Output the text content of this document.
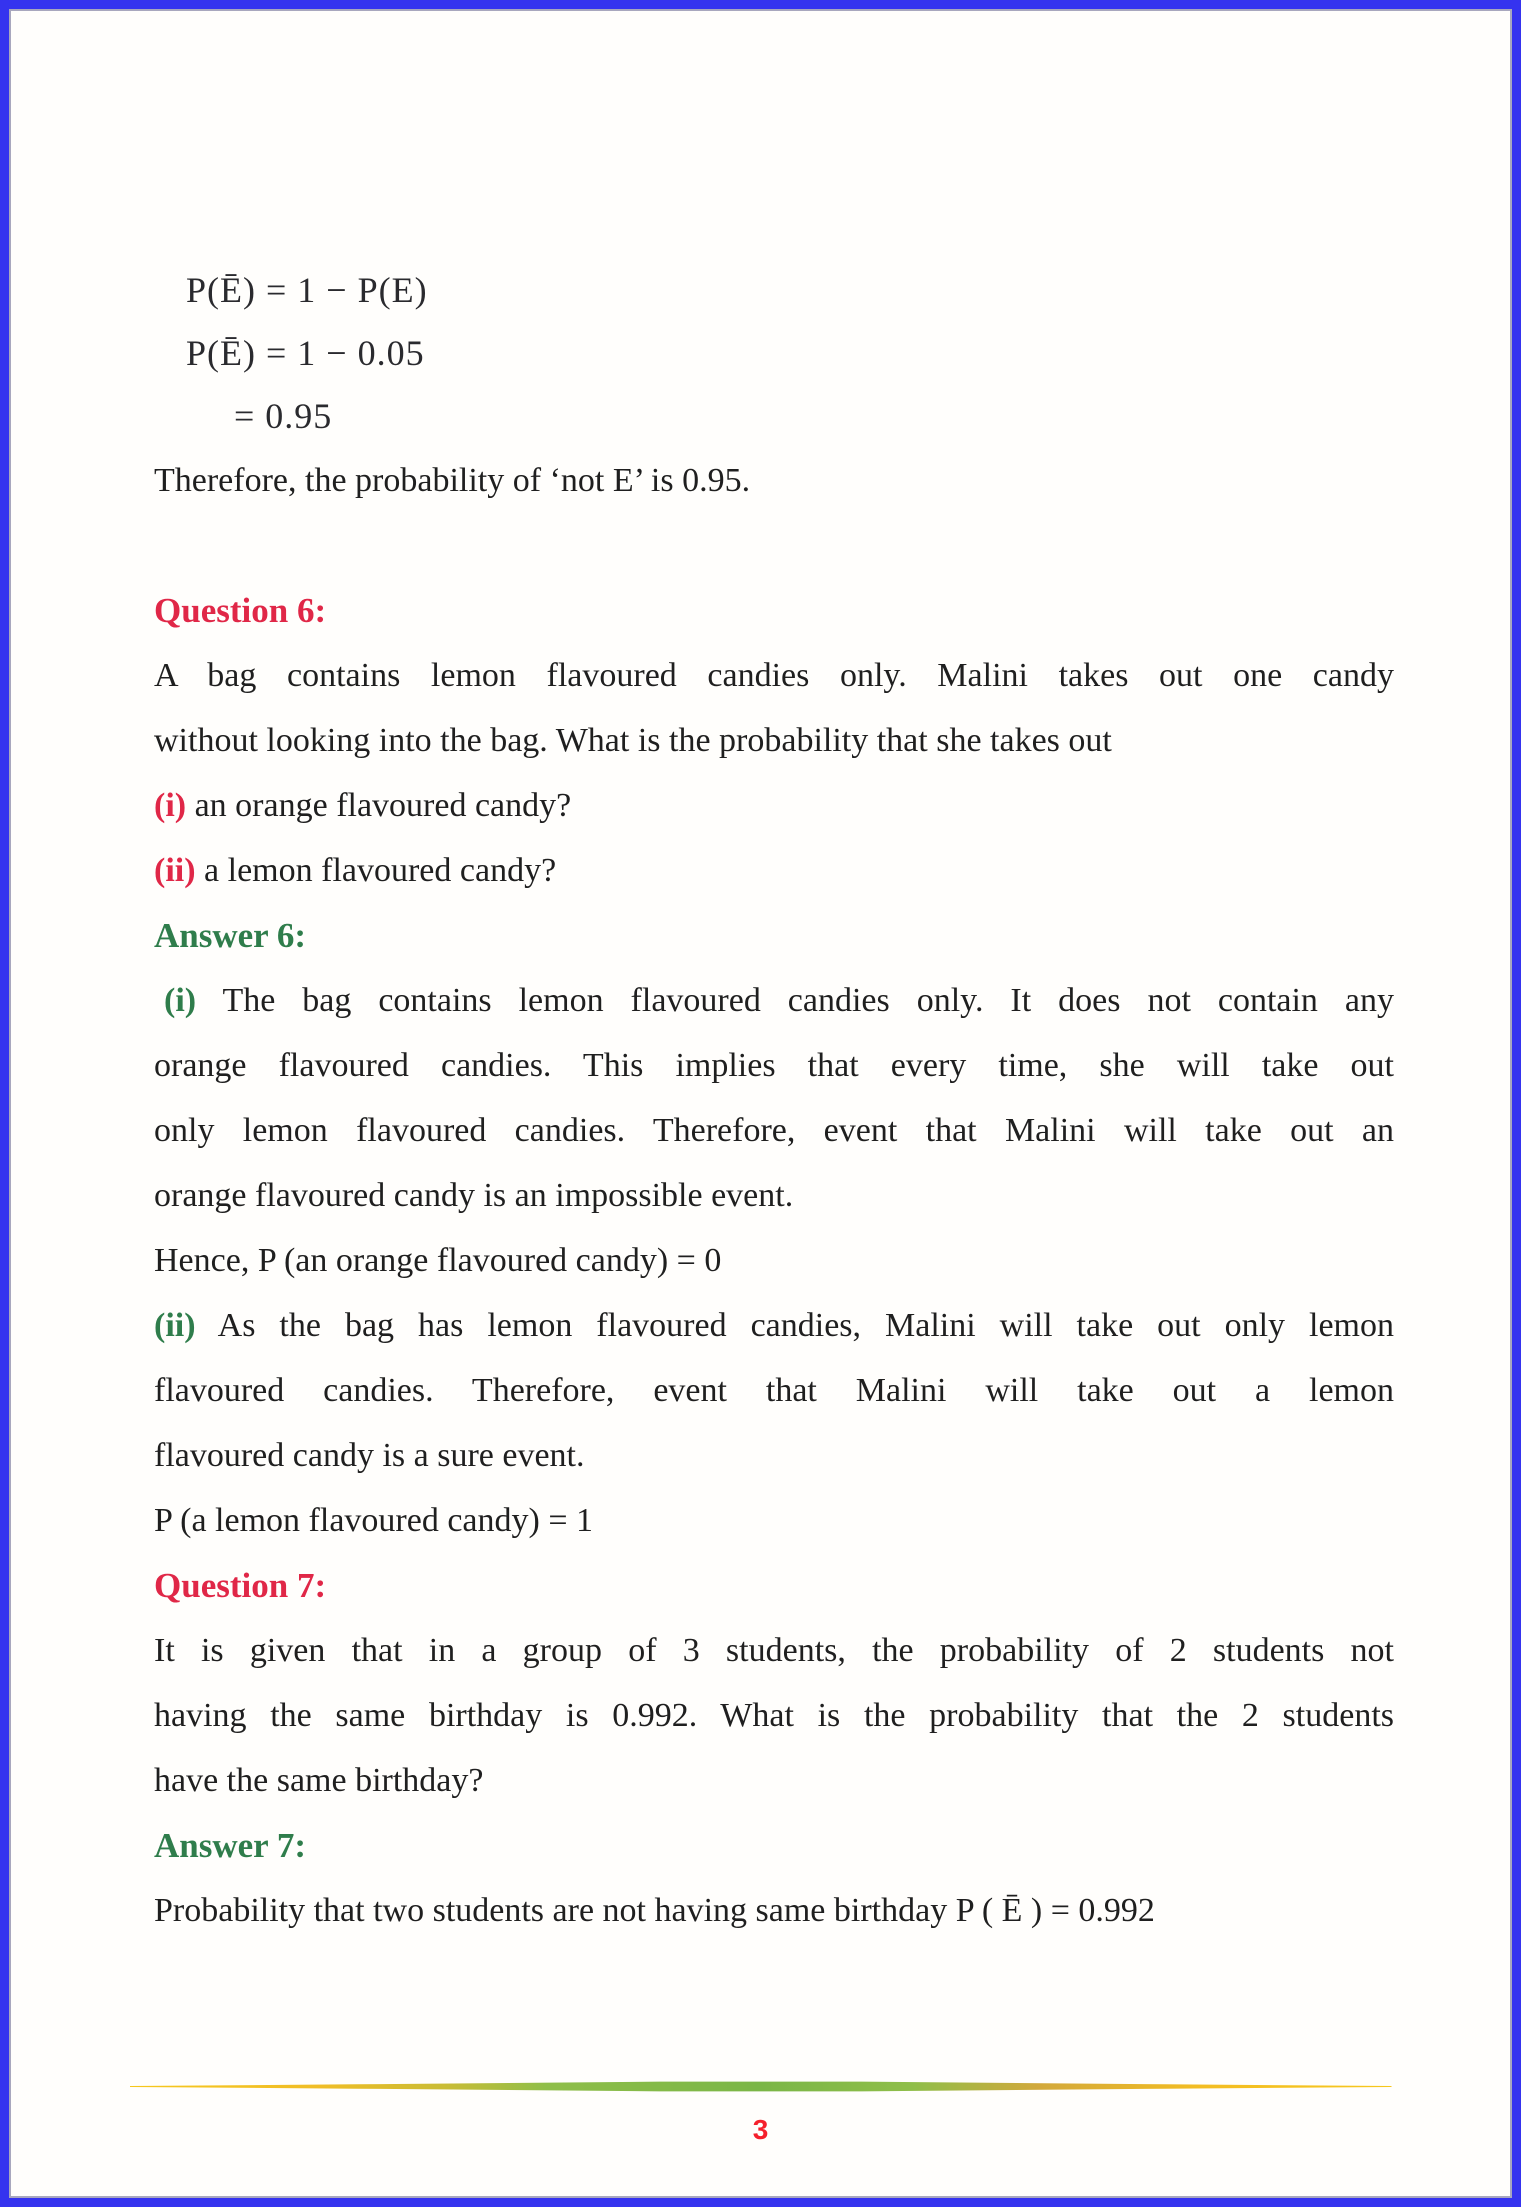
P(Ē) = 1 − P(E)
P(Ē) = 1 − 0.05
= 0.95
Therefore, the probability of ‘not E’ is 0.95.
Question 6:
A bag contains lemon flavoured candies only. Malini takes out one candy
without looking into the bag. What is the probability that she takes out
(i) an orange flavoured candy?
(ii) a lemon flavoured candy?
Answer 6:
(i) The bag contains lemon flavoured candies only. It does not contain any
orange flavoured candies. This implies that every time, she will take out
only lemon flavoured candies. Therefore, event that Malini will take out an
orange flavoured candy is an impossible event.
Hence, P (an orange flavoured candy) = 0
(ii) As the bag has lemon flavoured candies, Malini will take out only lemon
flavoured candies. Therefore, event that Malini will take out a lemon
flavoured candy is a sure event.
P (a lemon flavoured candy) = 1
Question 7:
It is given that in a group of 3 students, the probability of 2 students not
having the same birthday is 0.992. What is the probability that the 2 students
have the same birthday?
Answer 7:
Probability that two students are not having same birthday P ( Ē ) = 0.992
3
